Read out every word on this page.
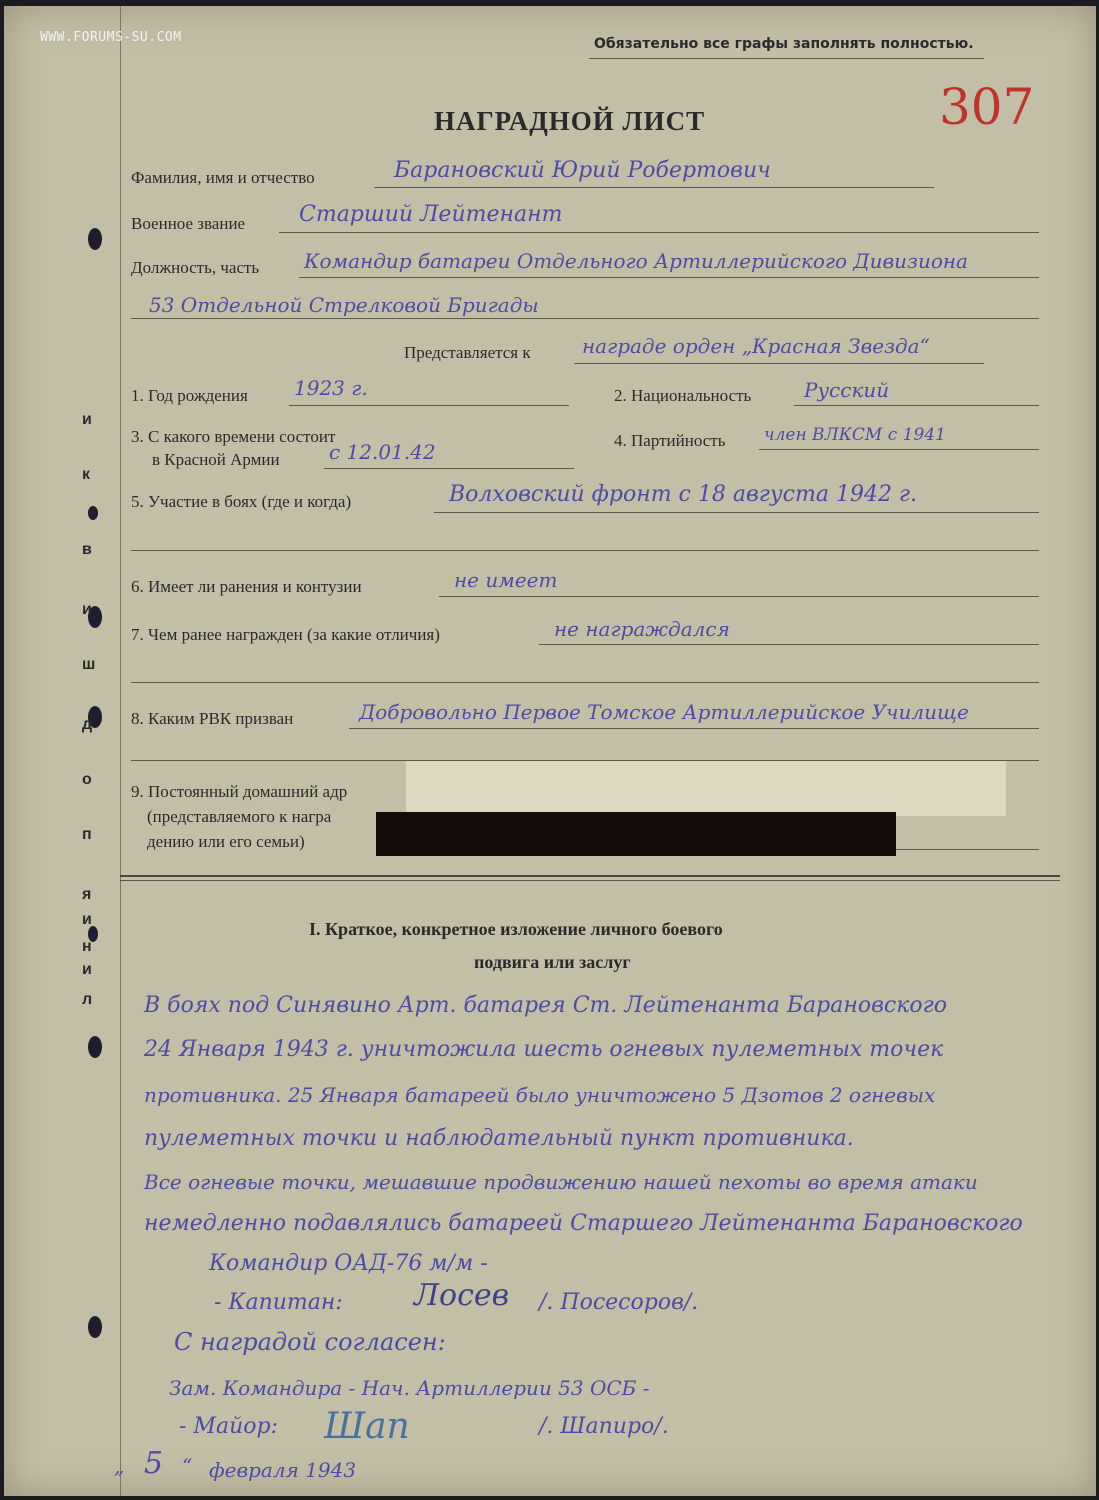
л
и
н
и
я
п
о
д
ш
и
в
к
и
Обязательно все графы заполнять полностью.
307
НАГРАДНОЙ ЛИСТ
Фамилия, имя и отчество	Барановский Юрий Робертович
Военное звание Старший Лейтенант
Должность, часть Командир батареи Отдельного Артиллерийского Дивизиона
53 Отдельной Стрелковой Бригады
Представляется к	награде орден „Красная Звезда“
1. Год рождения 1923 г.	2. Национальность	Русский
3. С какого времени состоит
в Красной Армии с 12.01.42	4. Партийность член ВЛКСМ с 1941
5. Участие в боях (где и когда)	Волховский фронт с 18 августа 1942 г.
6. Имеет ли ранения и контузии	не имеет
7. Чем ранее награжден (за какие отличия)	не награждался
8. Каким РВК призван	Добровольно Первое Томское Артиллерийское Училище
9. Постоянный домашний адр
(представляемого к награ
дению или его семьи)
I. Краткое, конкретное изложение личного боевого
подвига или заслуг
В боях под Синявино Арт. батарея Ст. Лейтенанта Барановского
24 Января 1943 г. уничтожила шесть огневых пулеметных точек
противника. 25 Января батареей было уничтожено 5 Дзотов 2 огневых
пулеметных точки и наблюдательный пункт противника.
Все огневые точки, мешавшие продвижению нашей пехоты во время атаки
немедленно подавлялись батареей Старшего Лейтенанта Барановского
Командир ОАД-76 м/м -
- Капитан: Лосев /. Посесоров/.
С наградой согласен:
Зам. Командира - Нач. Артиллерии 53 ОСБ -
- Майор: Шап	/. Шапиро/.
„ 5 “ февраля 1943
WWW.FORUMS-SU.COM
